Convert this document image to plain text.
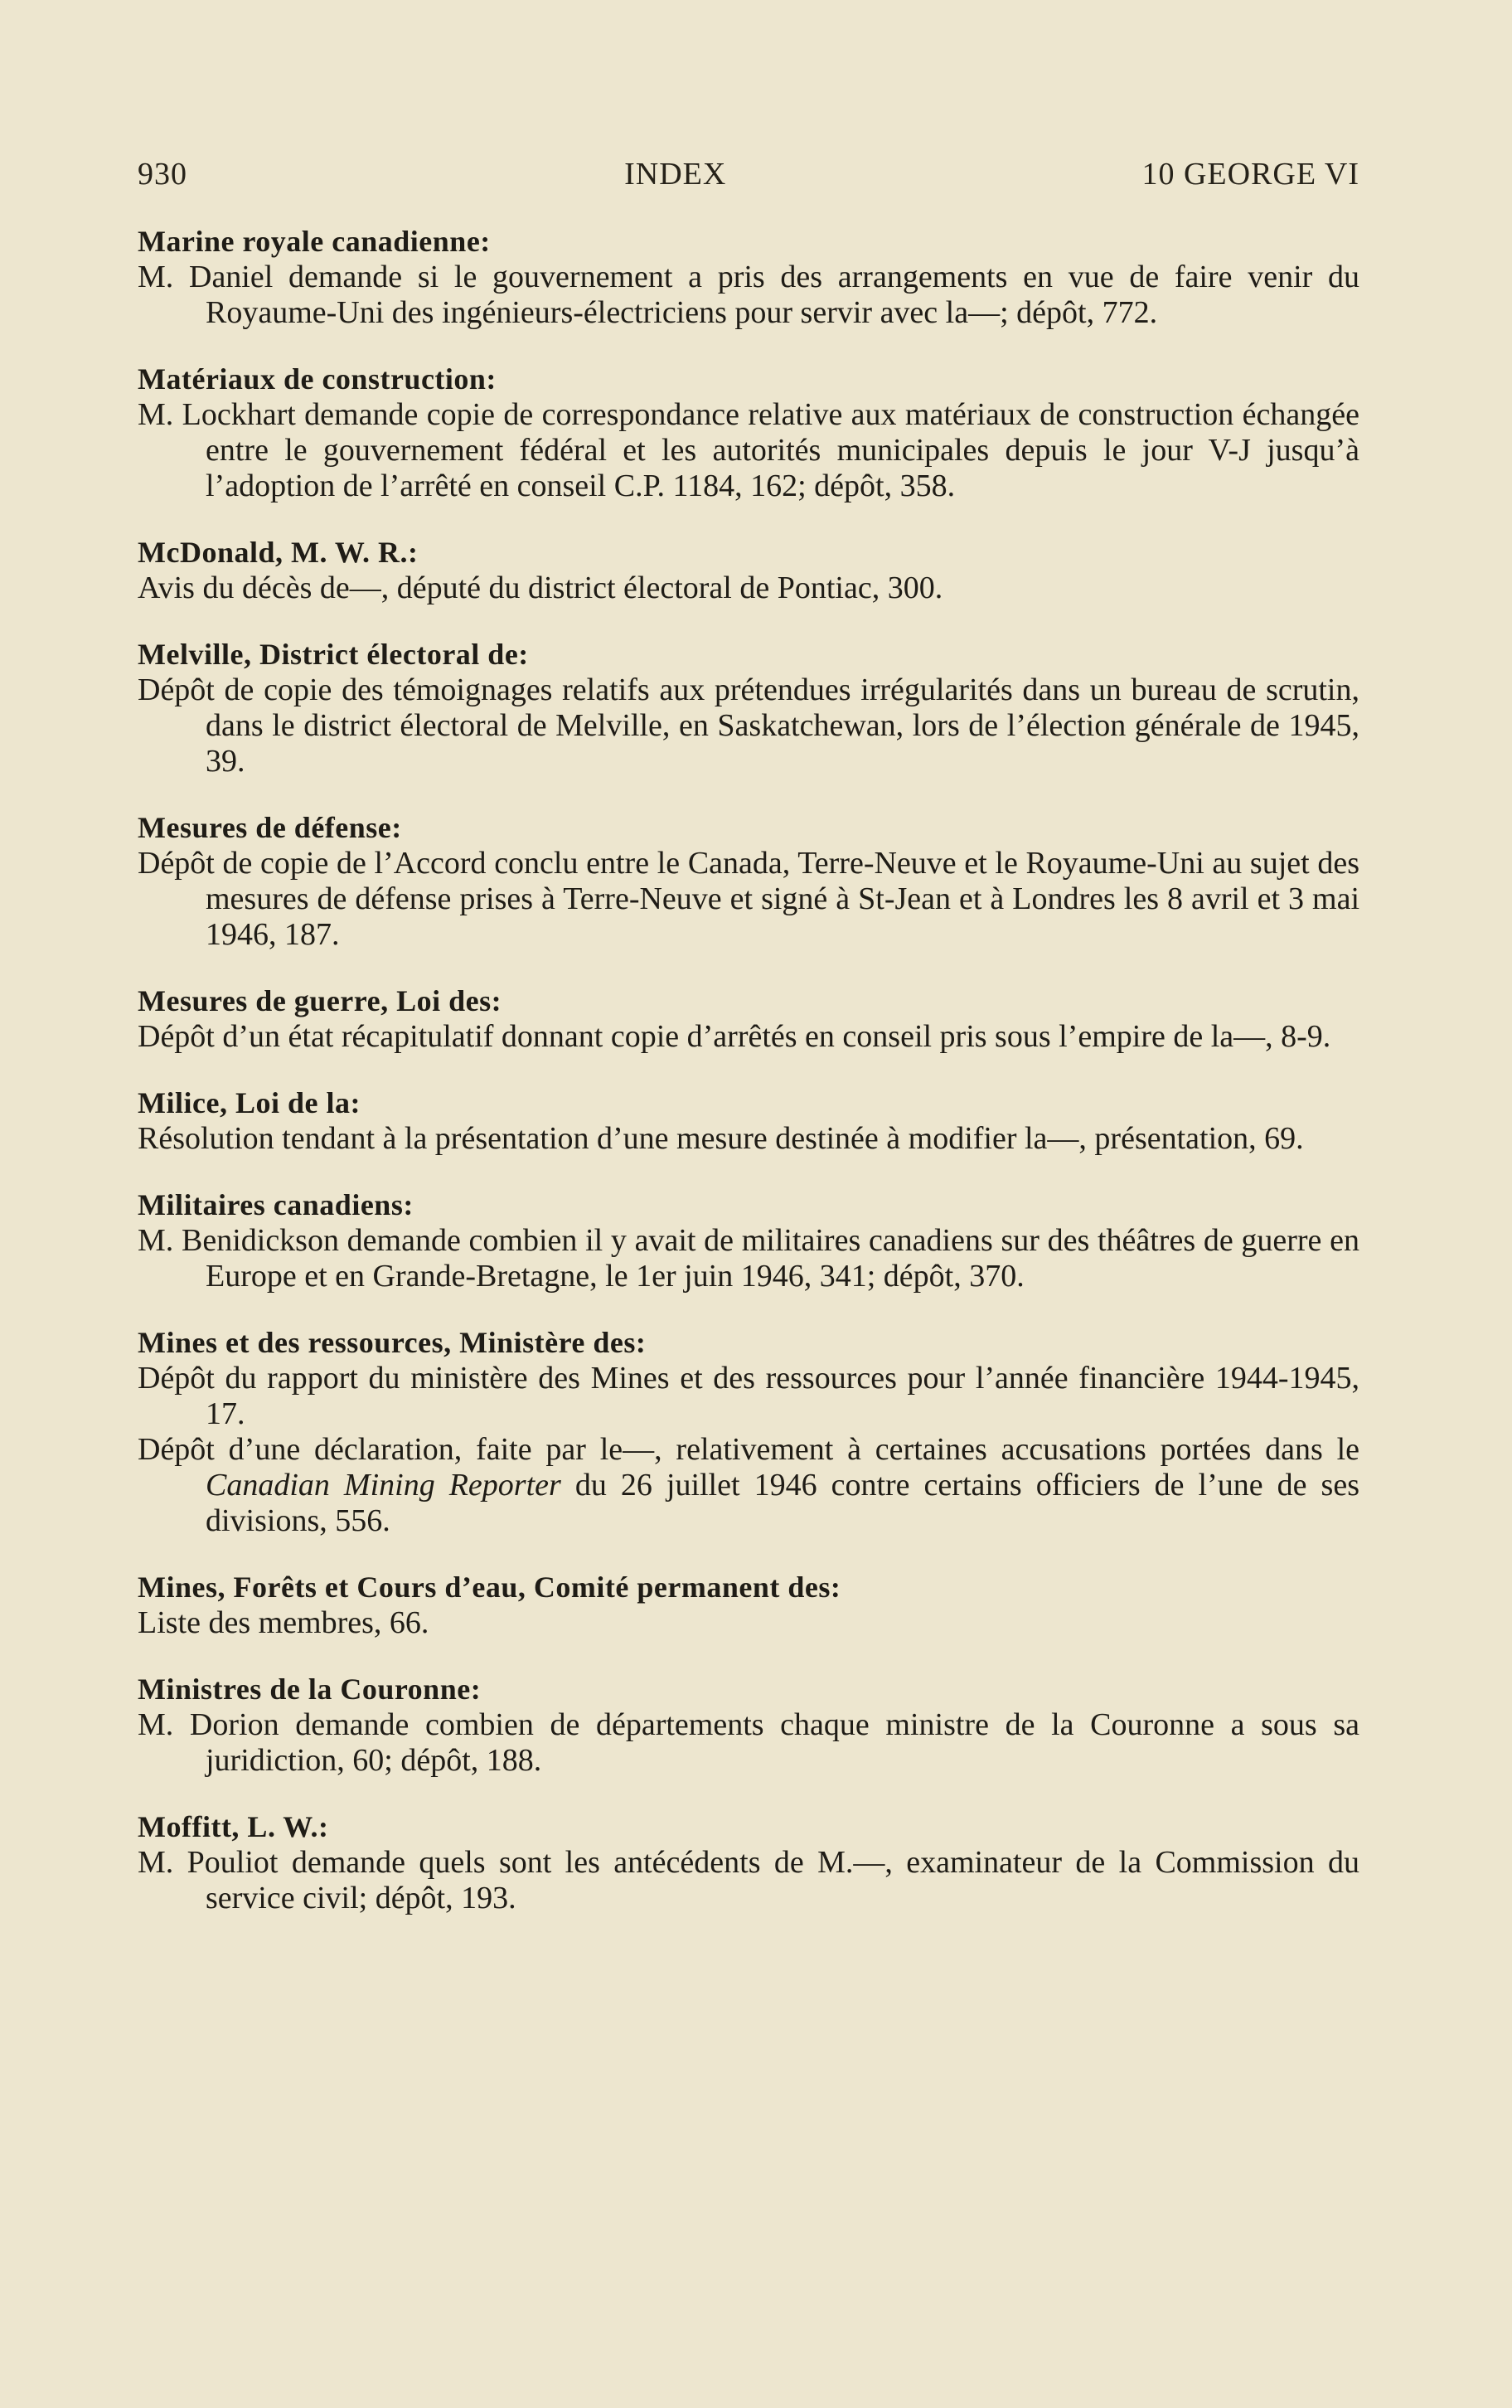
930	INDEX	10 GEORGE VI
Marine royale canadienne:

M. Daniel demande si le gouvernement a pris des arrangements en vue de faire venir du Royaume-Uni des ingénieurs-électriciens pour servir avec la—; dépôt, 772.

Matériaux de construction:

M. Lockhart demande copie de correspondance relative aux matériaux de construction échangée entre le gouvernement fédéral et les autorités municipales depuis le jour V-J jusqu’à l’adoption de l’arrêté en conseil C.P. 1184, 162; dépôt, 358.

McDonald, M. W. R.:

Avis du décès de—, député du district électoral de Pontiac, 300.

Melville, District électoral de:

Dépôt de copie des témoignages relatifs aux prétendues irrégularités dans un bureau de scrutin, dans le district électoral de Melville, en Saskatchewan, lors de l’élection générale de 1945, 39.

Mesures de défense:

Dépôt de copie de l’Accord conclu entre le Canada, Terre-Neuve et le Royaume-Uni au sujet des mesures de défense prises à Terre-Neuve et signé à St-Jean et à Londres les 8 avril et 3 mai 1946, 187.

Mesures de guerre, Loi des:

Dépôt d’un état récapitulatif donnant copie d’arrêtés en conseil pris sous l’empire de la—, 8-9.

Milice, Loi de la:

Résolution tendant à la présentation d’une mesure destinée à modifier la—, présentation, 69.

Militaires canadiens:

M. Benidickson demande combien il y avait de militaires canadiens sur des théâtres de guerre en Europe et en Grande-Bretagne, le 1er juin 1946, 341; dépôt, 370.

Mines et des ressources, Ministère des:

Dépôt du rapport du ministère des Mines et des ressources pour l’année financière 1944-1945, 17.

Dépôt d’une déclaration, faite par le—, relativement à certaines accusations portées dans le Canadian Mining Reporter du 26 juillet 1946 contre certains officiers de l’une de ses divisions, 556.

Mines, Forêts et Cours d’eau, Comité permanent des:

Liste des membres, 66.

Ministres de la Couronne:

M. Dorion demande combien de départements chaque ministre de la Couronne a sous sa juridiction, 60; dépôt, 188.

Moffitt, L. W.:

M. Pouliot demande quels sont les antécédents de M.—, examinateur de la Commission du service civil; dépôt, 193.
